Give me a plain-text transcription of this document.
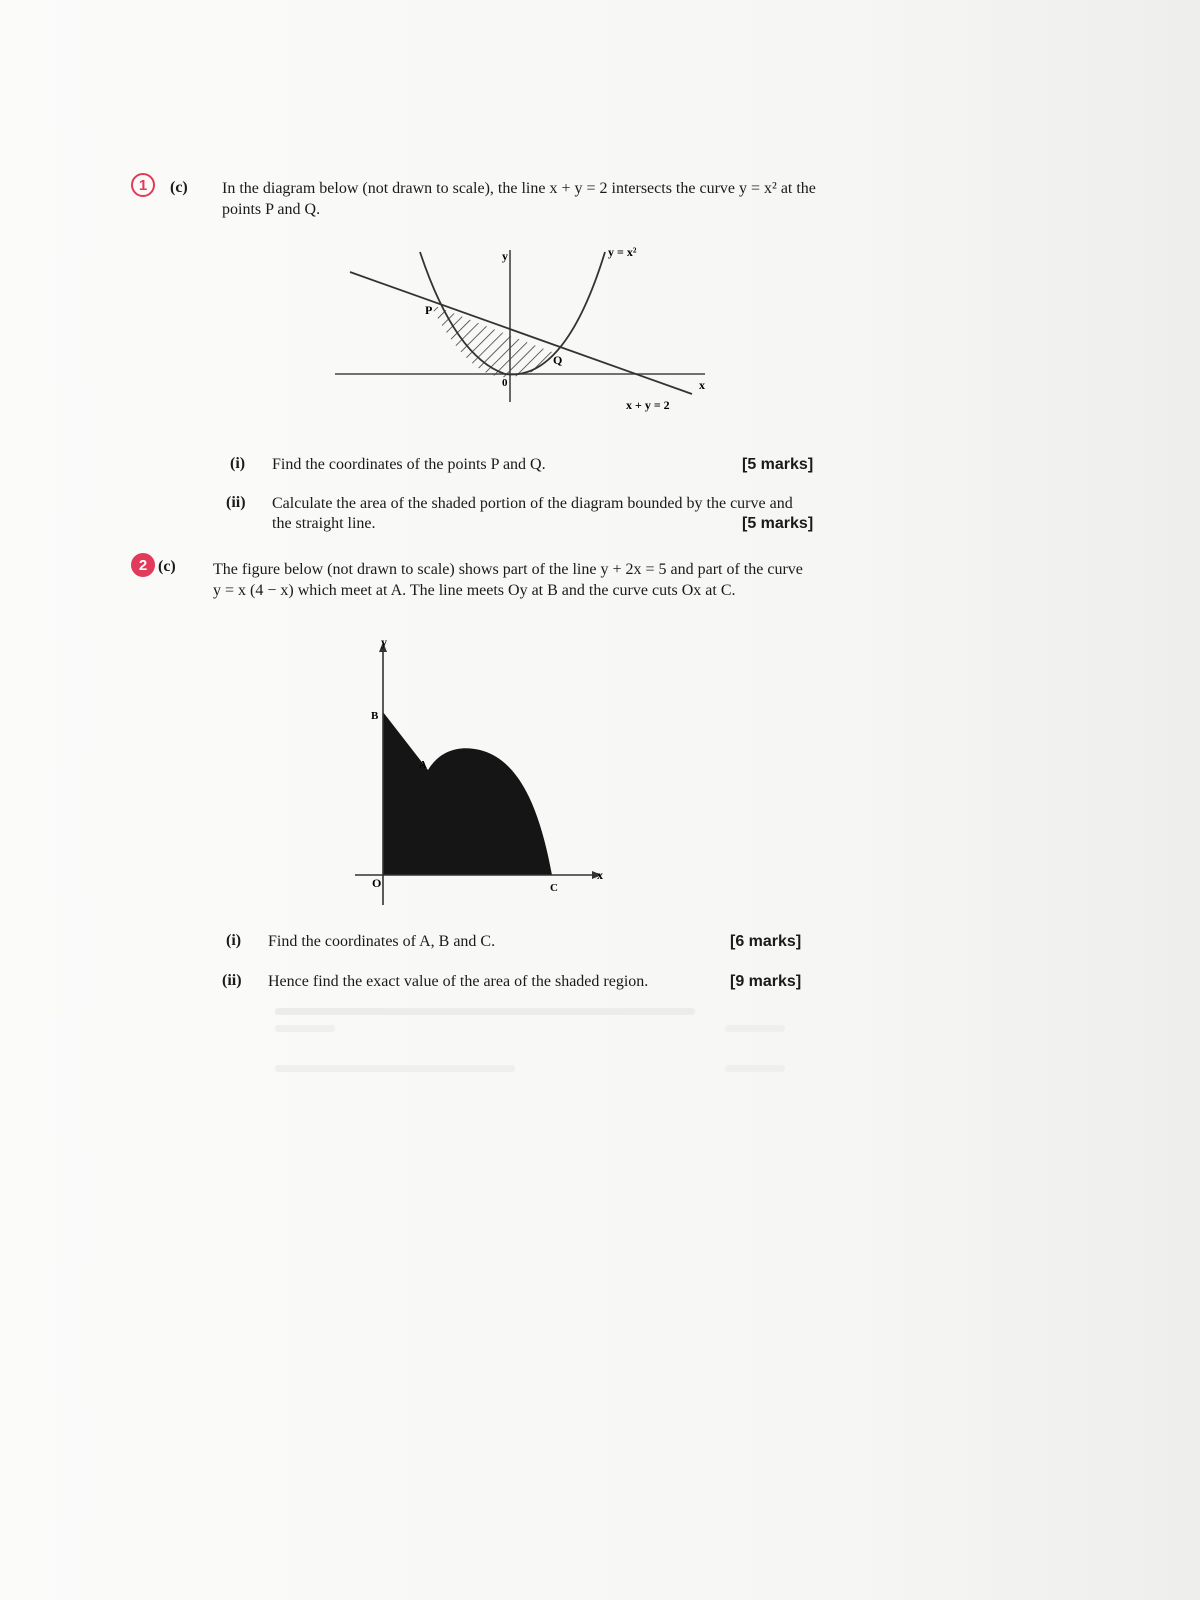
1 (c) In the diagram below (not drawn to scale), the line x + y = 2 intersects the curve y = x² at the points P and Q.
y
x
y = x²
x + y = 2
0
P
Q
(i) Find the coordinates of the points P and Q.	[5 marks]
(ii) Calculate the area of the shaded portion of the diagram bounded by the curve and the straight line.	[5 marks]
2 (c) The figure below (not drawn to scale) shows part of the line y + 2x = 5 and part of the curve y = x (4 − x) which meet at A. The line meets Oy at B and the curve cuts Ox at C.
y
x
O
B
A
C
(i) Find the coordinates of A, B and C.	[6 marks]
(ii) Hence find the exact value of the area of the shaded region.	[9 marks]
